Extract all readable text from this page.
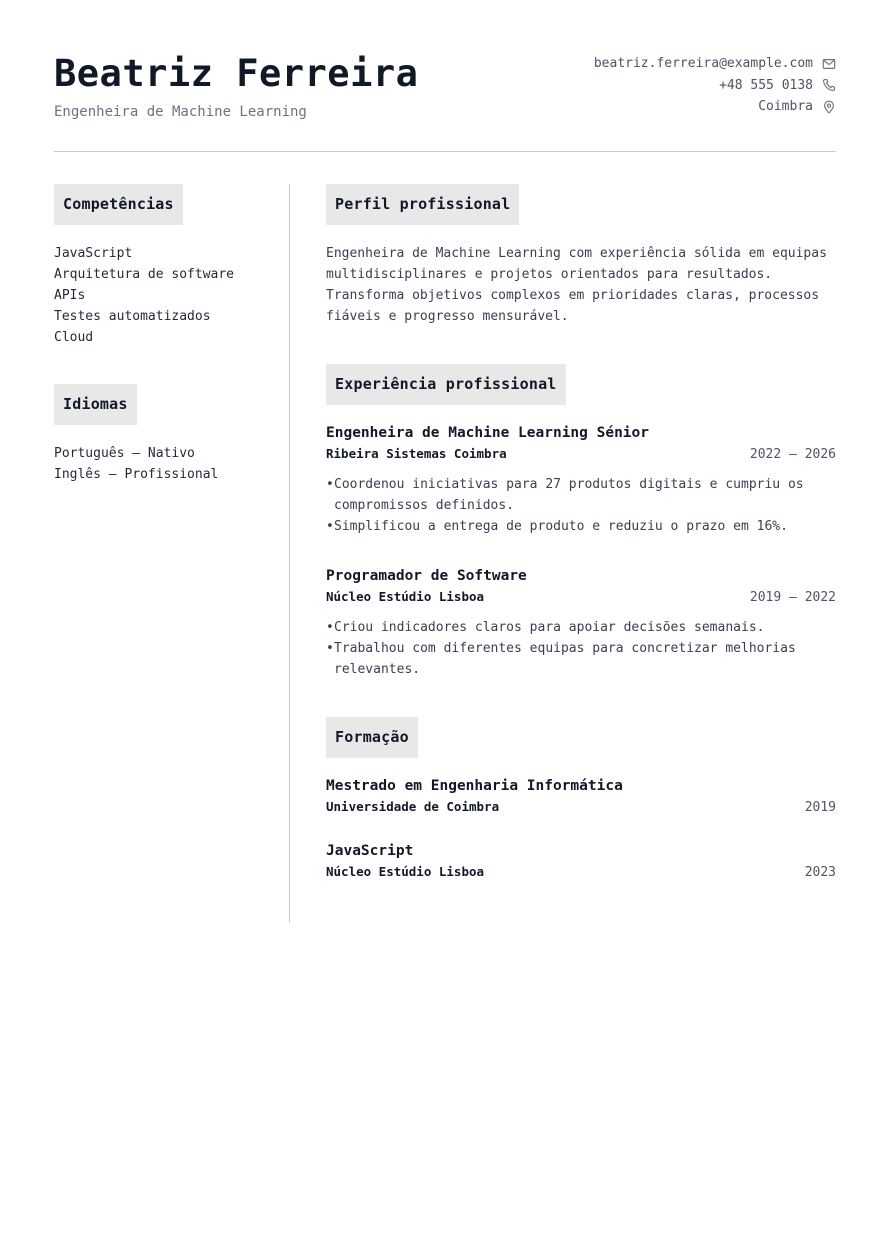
Beatriz Ferreira
Engenheira de Machine Learning
beatriz.ferreira@example.com
+48 555 0138
Coimbra
Competências
JavaScript
Arquitetura de software
APIs
Testes automatizados
Cloud
Idiomas
Português — Nativo
Inglês — Profissional
Perfil profissional

Engenheira de Machine Learning com experiência sólida em equipas multidisciplinares e projetos orientados para resultados. Transforma objetivos complexos em prioridades claras, processos fiáveis e progresso mensurável.

Experiência profissional
Engenheira de Machine Learning Sénior
Ribeira Sistemas Coimbra	2022 — 2026
•Coordenou iniciativas para 27 produtos digitais e cumpriu os compromissos definidos.
•Simplificou a entrega de produto e reduziu o prazo em 16%.
Programador de Software
Núcleo Estúdio Lisboa	2019 — 2022
•Criou indicadores claros para apoiar decisões semanais.
•Trabalhou com diferentes equipas para concretizar melhorias relevantes.
Formação
Mestrado em Engenharia Informática
Universidade de Coimbra	2019
JavaScript
Núcleo Estúdio Lisboa	2023
